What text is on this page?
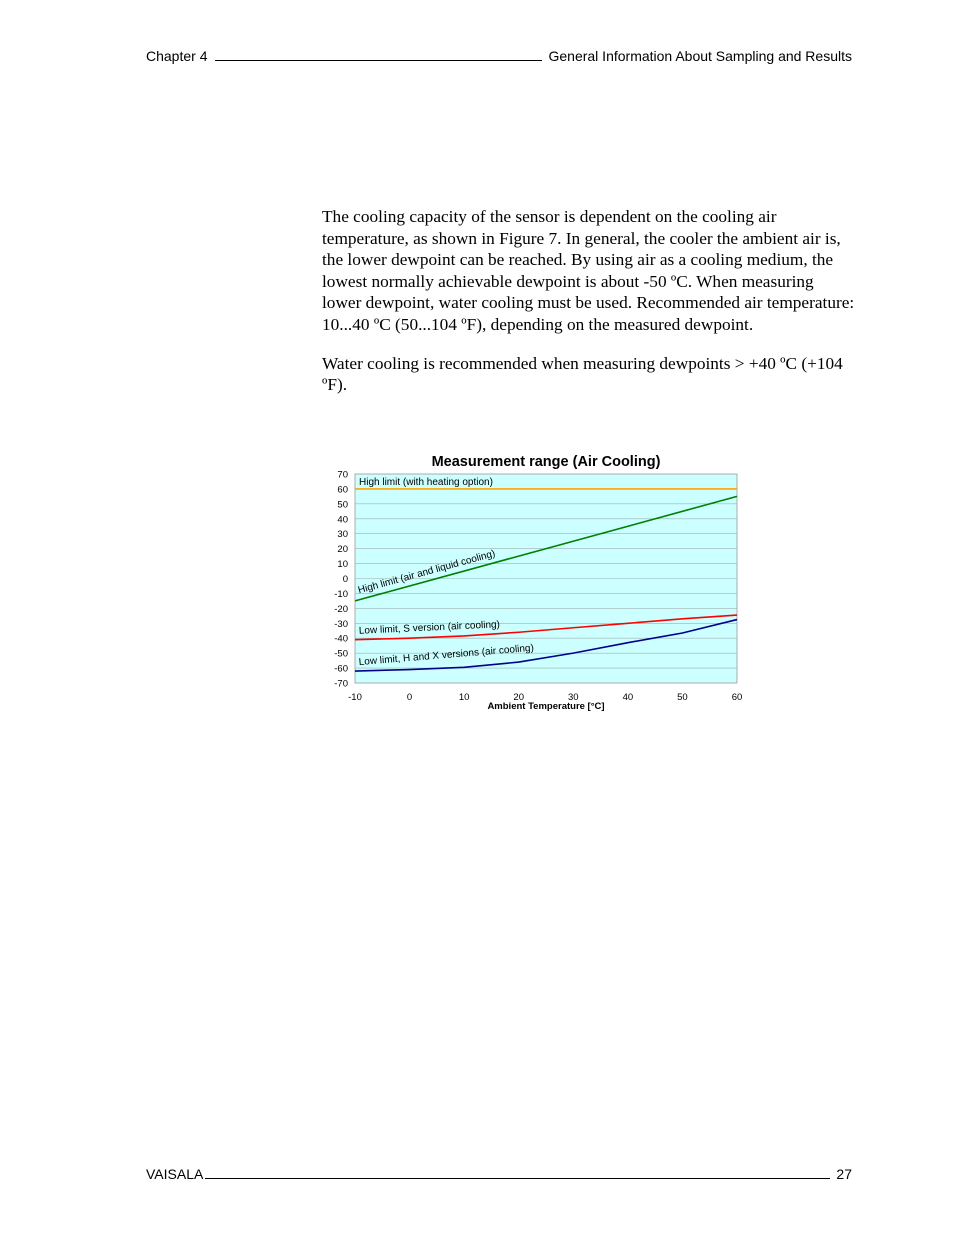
Chapter 4	General Information About Sampling and Results

The cooling capacity of the sensor is dependent on the cooling air temperature, as shown in Figure 7. In general, the cooler the ambient air is, the lower dewpoint can be reached. By using air as a cooling medium, the lowest normally achievable dewpoint is about -50 ºC. When measuring lower dewpoint, water cooling must be used. Recommended air temperature: 10...40 ºC (50...104 ºF), depending on the measured dewpoint.

Water cooling is recommended when measuring dewpoints > +40 ºC (+104 ºF).

Measurement range (Air Cooling)
70
60
50
40
30
20
10
0
-10
-20
-30
-40
-50
-60
-70
-10	0	10	20	30	40	50	60
Ambient Temperature [°C]
High limit (with heating option)
High limit (air and liquid cooling)
Low limit, S version (air cooling)
Low limit, H and X versions (air cooling)
VAISALA	27
